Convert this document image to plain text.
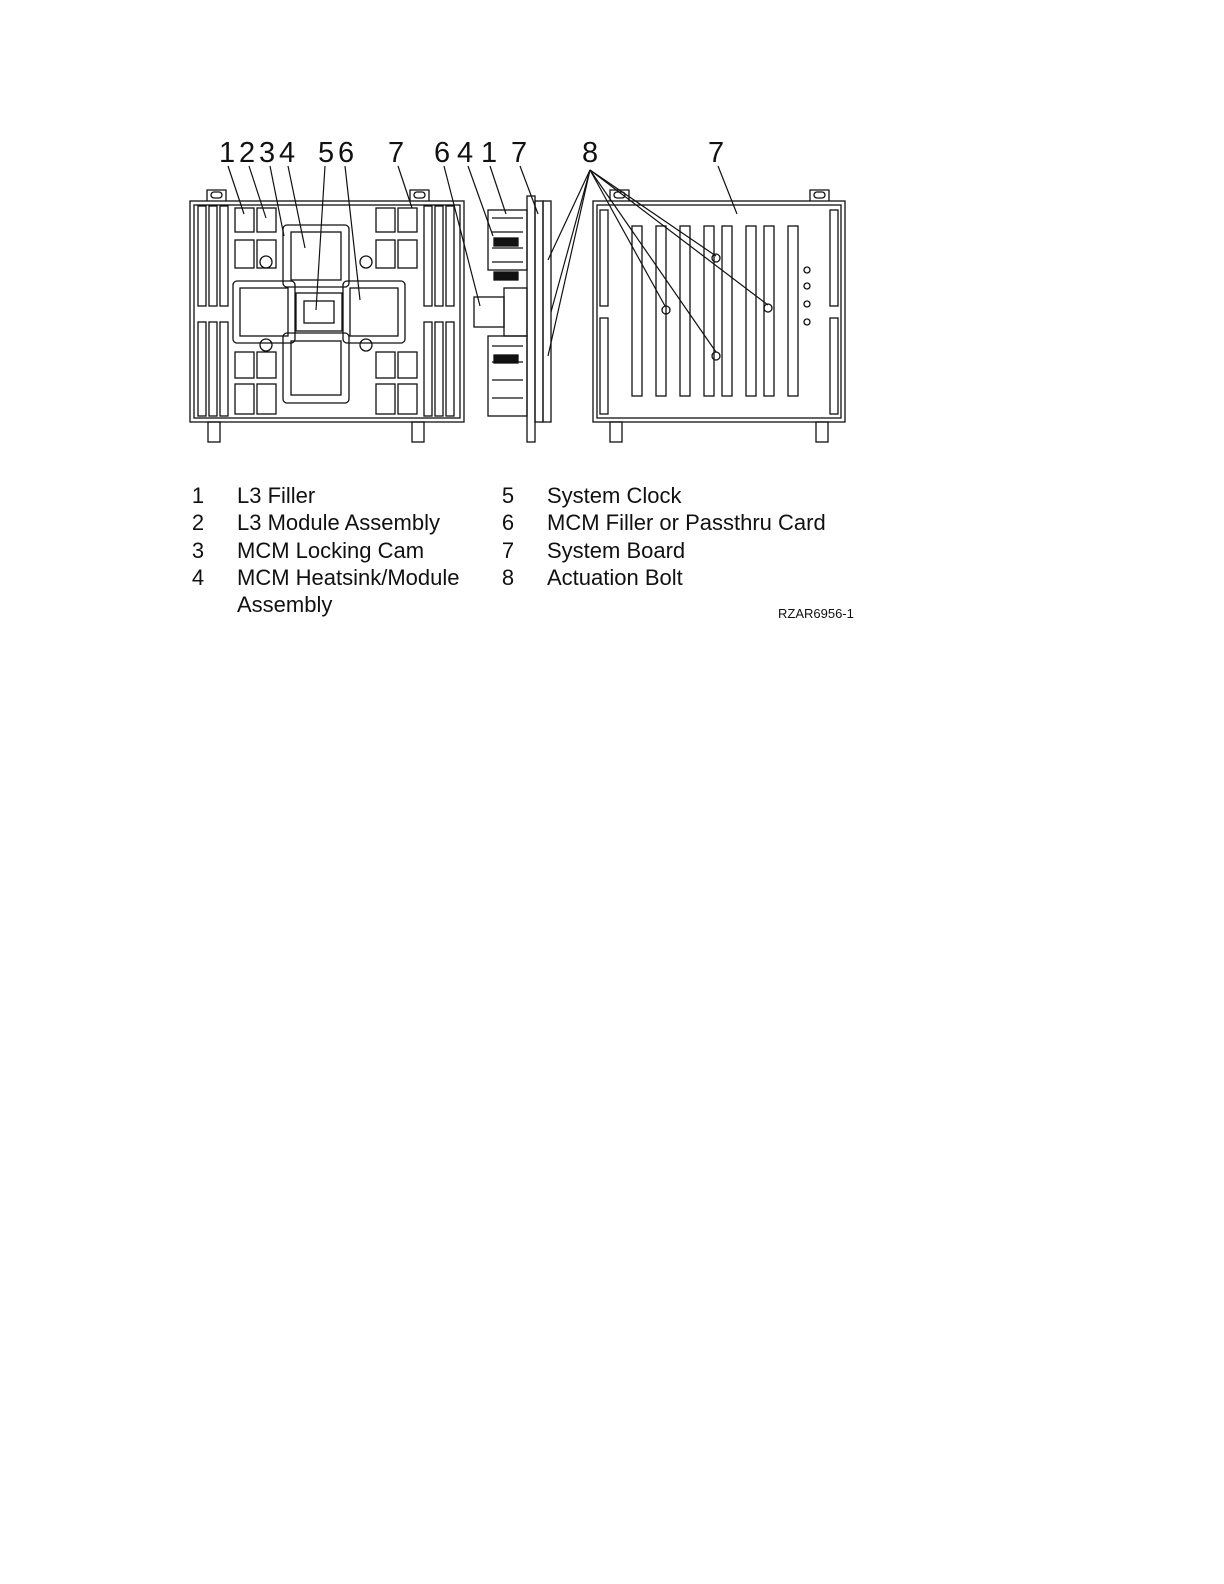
1 2 3 4 5 6 7 6 4 1 7 8	7
1 L3 Filler
2 L3 Module Assembly
3 MCM Locking Cam
4 MCM Heatsink/Module
Assembly
5 System Clock
6 MCM Filler or Passthru Card
7 System Board
8 Actuation Bolt
RZAR6956-1
